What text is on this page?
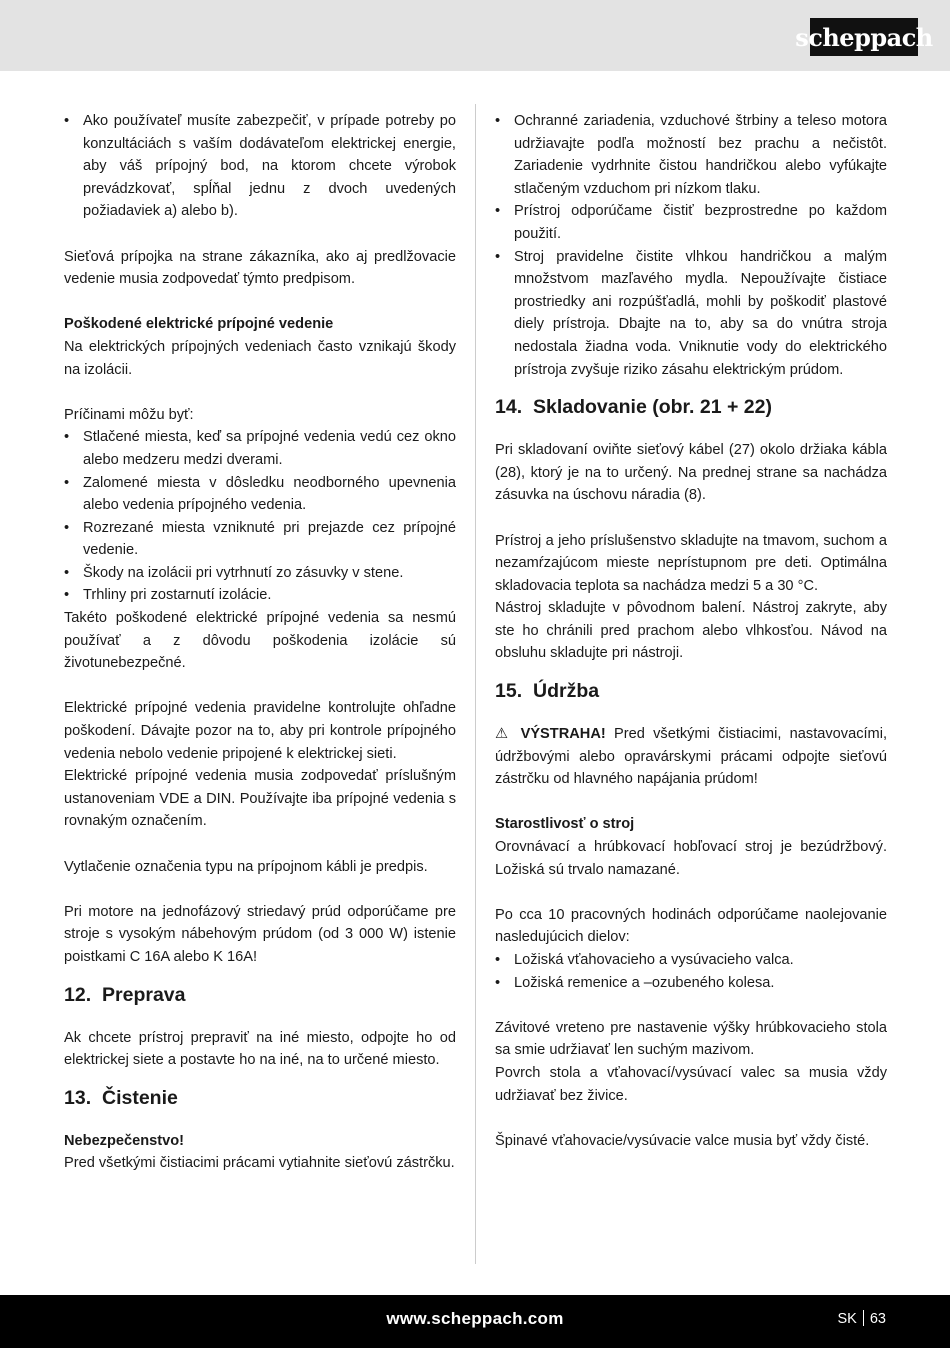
scheppach
• Ako používateľ musíte zabezpečiť, v prípade potreby po konzultáciách s vaším dodávateľom elektrickej energie, aby váš prípojný bod, na ktorom chcete výrobok prevádzkovať, spĺňal jednu z dvoch uvedených požiadaviek a) alebo b).

Sieťová prípojka na strane zákazníka, ako aj predlžovacie vedenie musia zodpovedať týmto predpisom.

Poškodené elektrické prípojné vedenie

Na elektrických prípojných vedeniach často vznikajú škody na izolácii.

Príčinami môžu byť:

• Stlačené miesta, keď sa prípojné vedenia vedú cez okno alebo medzeru medzi dverami.
• Zalomené miesta v dôsledku neodborného upevnenia alebo vedenia prípojného vedenia.
• Rozrezané miesta vzniknuté pri prejazde cez prípojné vedenie.
• Škody na izolácii pri vytrhnutí zo zásuvky v stene.
• Trhliny pri zostarnutí izolácie.

Takéto poškodené elektrické prípojné vedenia sa nesmú používať a z dôvodu poškodenia izolácie sú životunebezpečné.

Elektrické prípojné vedenia pravidelne kontrolujte ohľadne poškodení. Dávajte pozor na to, aby pri kontrole prípojného vedenia nebolo vedenie pripojené k elektrickej sieti.

Elektrické prípojné vedenia musia zodpovedať príslušným ustanoveniam VDE a DIN. Používajte iba prípojné vedenia s rovnakým označením.

Vytlačenie označenia typu na prípojnom kábli je predpis.

Pri motore na jednofázový striedavý prúd odporúčame pre stroje s vysokým nábehovým prúdom (od 3 000 W) istenie poistkami C 16A alebo K 16A!

12. Preprava

Ak chcete prístroj prepraviť na iné miesto, odpojte ho od elektrickej siete a postavte ho na iné, na to určené miesto.

13. Čistenie

Nebezpečenstvo!

Pred všetkými čistiacimi prácami vytiahnite sieťovú zástrčku.

• Ochranné zariadenia, vzduchové štrbiny a teleso motora udržiavajte podľa možností bez prachu a nečistôt. Zariadenie vydrhnite čistou handričkou alebo vyfúkajte stlačeným vzduchom pri nízkom tlaku.
• Prístroj odporúčame čistiť bezprostredne po každom použití.
• Stroj pravidelne čistite vlhkou handričkou a malým množstvom mazľavého mydla. Nepoužívajte čistiace prostriedky ani rozpúšťadlá, mohli by poškodiť plastové diely prístroja. Dbajte na to, aby sa do vnútra stroja nedostala žiadna voda. Vniknutie vody do elektrického prístroja zvyšuje riziko zásahu elektrickým prúdom.
14. Skladovanie (obr. 21 + 22)

Pri skladovaní oviňte sieťový kábel (27) okolo držiaka kábla (28), ktorý je na to určený. Na prednej strane sa nachádza zásuvka na úschovu náradia (8).

Prístroj a jeho príslušenstvo skladujte na tmavom, suchom a nezamŕzajúcom mieste neprístupnom pre deti. Optimálna skladovacia teplota sa nachádza medzi 5 a 30 °C.

Nástroj skladujte v pôvodnom balení. Nástroj zakryte, aby ste ho chránili pred prachom alebo vlhkosťou. Návod na obsluhu skladujte pri nástroji.

15. Údržba

⚠ VÝSTRAHA! Pred všetkými čistiacimi, nastavovacími, údržbovými alebo opravárskymi prácami odpojte sieťovú zástrčku od hlavného napájania prúdom!

Starostlivosť o stroj

Orovnávací a hrúbkovací hobľovací stroj je bezúdržbový. Ložiská sú trvalo namazané.

Po cca 10 pracovných hodinách odporúčame naolejovanie nasledujúcich dielov:

• Ložiská vťahovacieho a vysúvacieho valca.
• Ložiská remenice a –ozubeného kolesa.

Závitové vreteno pre nastavenie výšky hrúbkovacieho stola sa smie udržiavať len suchým mazivom.

Povrch stola a vťahovací/vysúvací valec sa musia vždy udržiavať bez živice.

Špinavé vťahovacie/vysúvacie valce musia byť vždy čisté.

www.scheppach.com	SK 63
